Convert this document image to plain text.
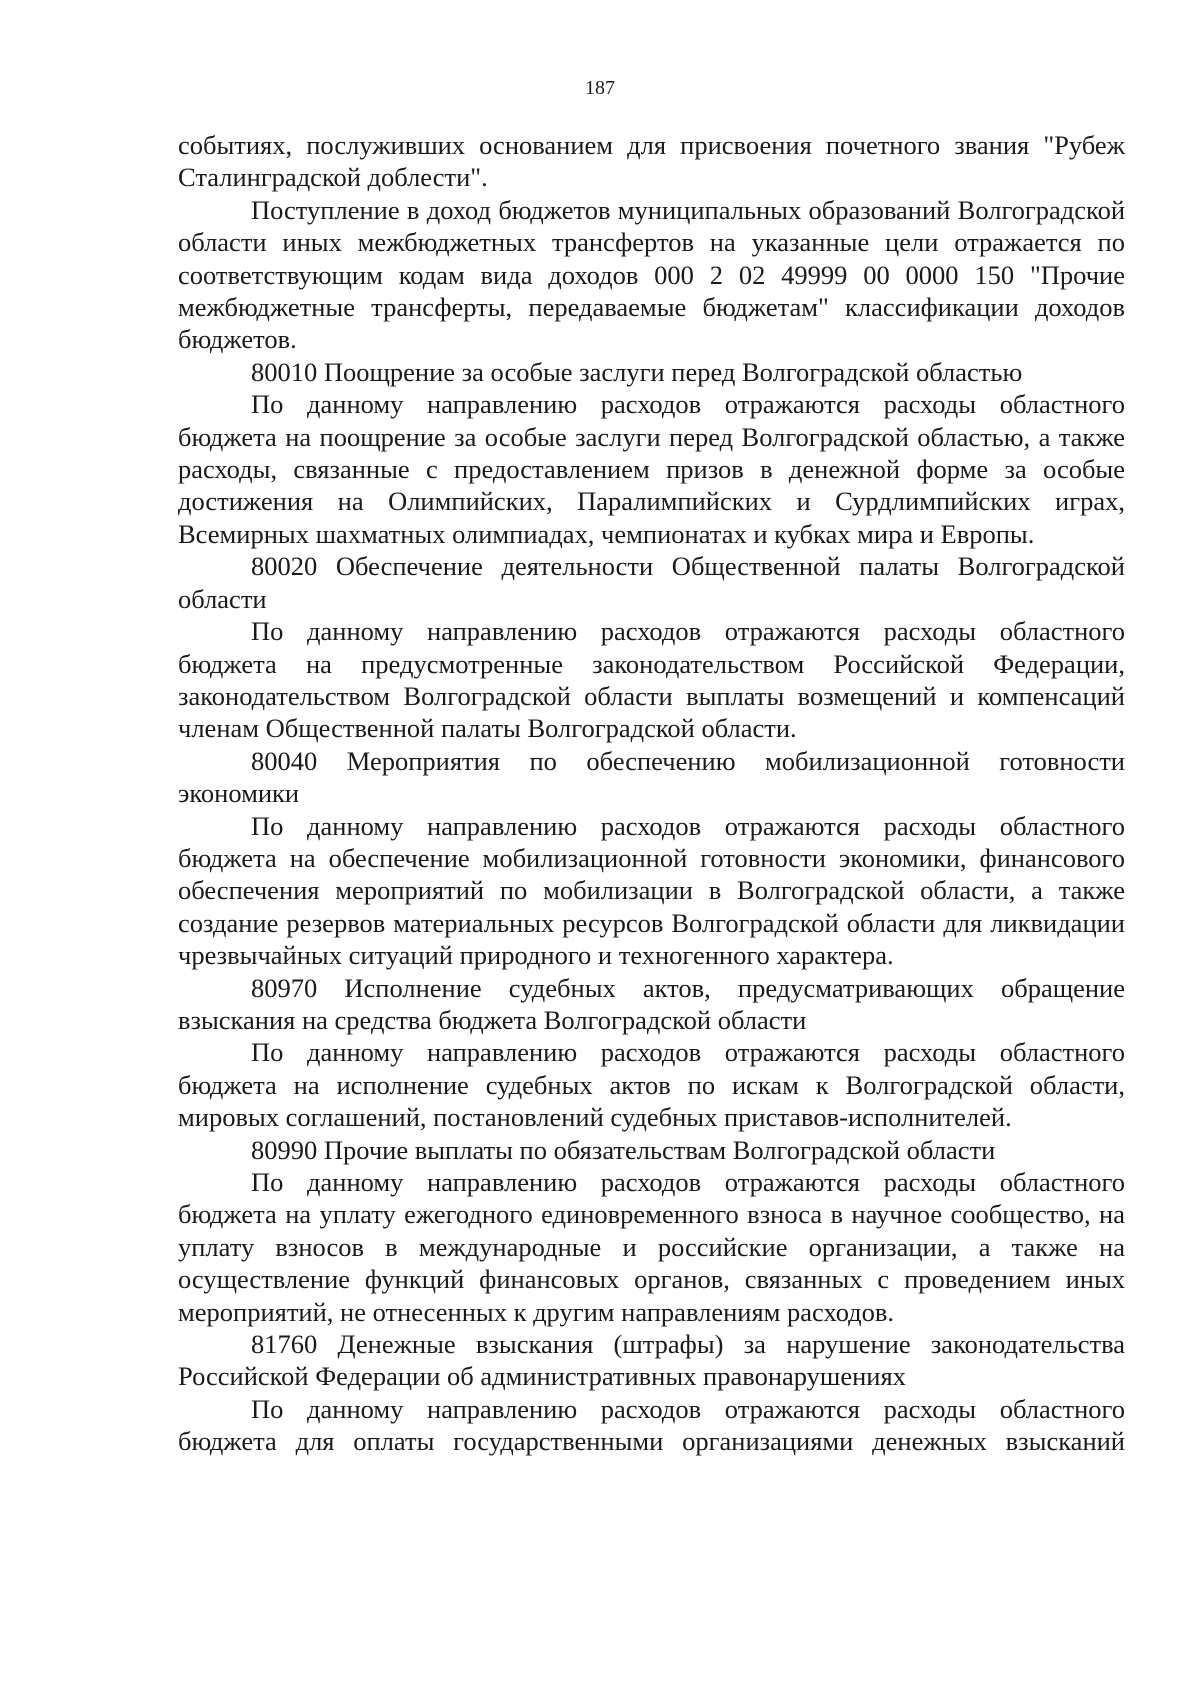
187

событиях, послуживших основанием для присвоения почетного звания "Рубеж Сталинградской доблести".

Поступление в доход бюджетов муниципальных образований Волгоградской области иных межбюджетных трансфертов на указанные цели отражается по соответствующим кодам вида доходов 000 2 02 49999 00 0000 150 "Прочие межбюджетные трансферты, передаваемые бюджетам" классификации доходов бюджетов.

80010 Поощрение за особые заслуги перед Волгоградской областью

По данному направлению расходов отражаются расходы областного бюджета на поощрение за особые заслуги перед Волгоградской областью, а также расходы, связанные с предоставлением призов в денежной форме за особые достижения на Олимпийских, Паралимпийских и Сурдлимпийских играх, Всемирных шахматных олимпиадах, чемпионатах и кубках мира и Европы.

80020 Обеспечение деятельности Общественной палаты Волгоградской области

По данному направлению расходов отражаются расходы областного бюджета на предусмотренные законодательством Российской Федерации, законодательством Волгоградской области выплаты возмещений и компенсаций членам Общественной палаты Волгоградской области.

80040 Мероприятия по обеспечению мобилизационной готовности экономики

По данному направлению расходов отражаются расходы областного бюджета на обеспечение мобилизационной готовности экономики, финансового обеспечения мероприятий по мобилизации в Волгоградской области, а также создание резервов материальных ресурсов Волгоградской области для ликвидации чрезвычайных ситуаций природного и техногенного характера.

80970 Исполнение судебных актов, предусматривающих обращение взыскания на средства бюджета Волгоградской области

По данному направлению расходов отражаются расходы областного бюджета на исполнение судебных актов по искам к Волгоградской области, мировых соглашений, постановлений судебных приставов-исполнителей.

80990 Прочие выплаты по обязательствам Волгоградской области

По данному направлению расходов отражаются расходы областного бюджета на уплату ежегодного единовременного взноса в научное сообщество, на уплату взносов в международные и российские организации, а также на осуществление функций финансовых органов, связанных с проведением иных мероприятий, не отнесенных к другим направлениям расходов.

81760 Денежные взыскания (штрафы) за нарушение законодательства Российской Федерации об административных правонарушениях

По данному направлению расходов отражаются расходы областного бюджета для оплаты государственными организациями денежных взысканий
